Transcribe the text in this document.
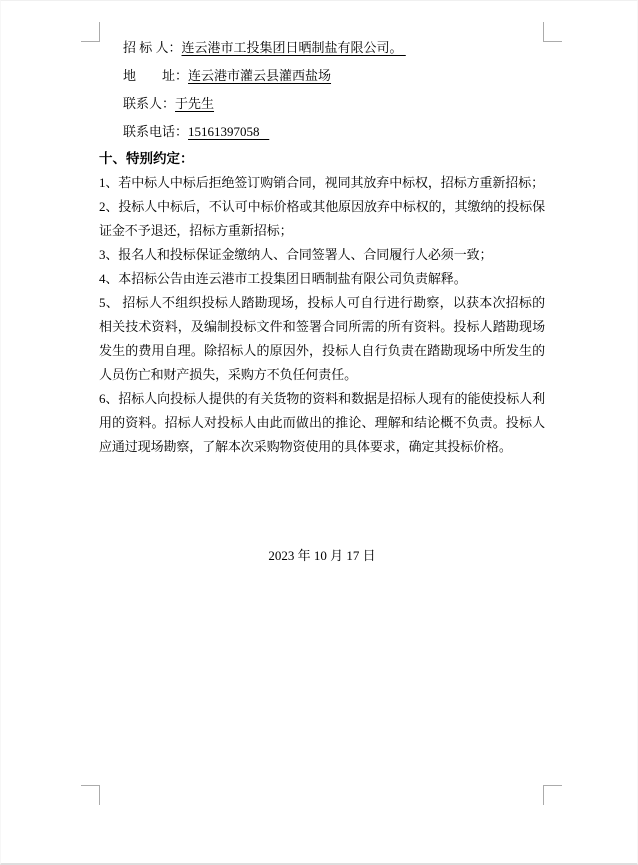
招 标 人：连云港市工投集团日晒制盐有限公司。
地　　址：连云港市灌云县灌西盐场
联系人：于先生
联系电话：15161397058
十、特别约定：

1、若中标人中标后拒绝签订购销合同，视同其放弃中标权，招标方重新招标；

2、投标人中标后，不认可中标价格或其他原因放弃中标权的，其缴纳的投标保证金不予退还，招标方重新招标；

3、报名人和投标保证金缴纳人、合同签署人、合同履行人必须一致；

4、本招标公告由连云港市工投集团日晒制盐有限公司负责解释。

5、 招标人不组织投标人踏勘现场，投标人可自行进行勘察，以获本次招标的相关技术资料，及编制投标文件和签署合同所需的所有资料。投标人踏勘现场发生的费用自理。除招标人的原因外，投标人自行负责在踏勘现场中所发生的人员伤亡和财产损失，采购方不负任何责任。

6、招标人向投标人提供的有关货物的资料和数据是招标人现有的能使投标人利用的资料。招标人对投标人由此而做出的推论、理解和结论概不负责。投标人应通过现场勘察，了解本次采购物资使用的具体要求，确定其投标价格。

2023 年 10 月 17 日
